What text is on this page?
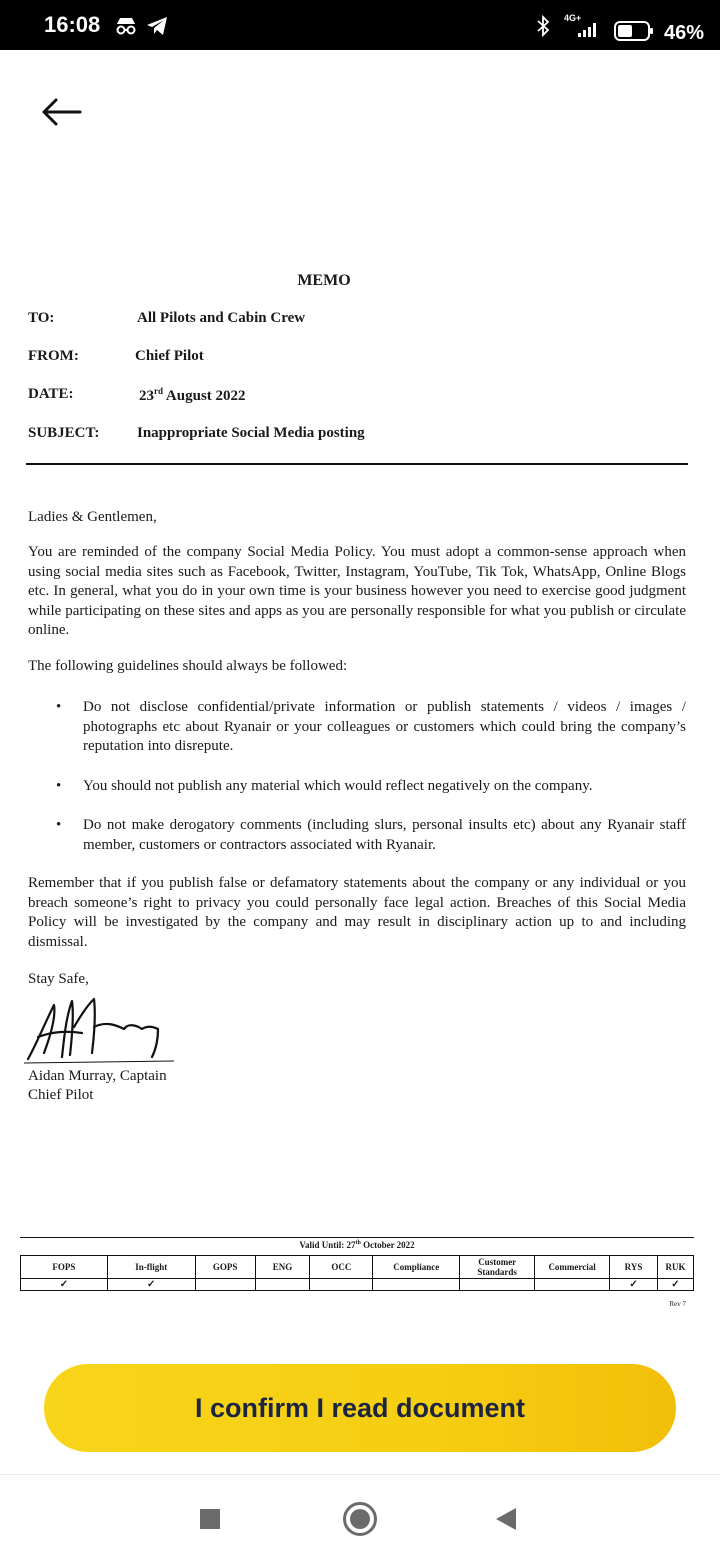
16:08	4G+
46%
MEMO
TO:	All Pilots and Cabin Crew
FROM:	Chief Pilot
DATE:	23rd August 2022
SUBJECT:	Inappropriate Social Media posting
Ladies & Gentlemen,
You are reminded of the company Social Media Policy. You must adopt a common-sense approach when using social media sites such as Facebook, Twitter, Instagram, YouTube, Tik Tok, WhatsApp, Online Blogs etc. In general, what you do in your own time is your business however you need to exercise good judgment while participating on these sites and apps as you are personally responsible for what you publish or circulate online.
The following guidelines should always be followed:
• Do not disclose confidential/private information or publish statements / videos / images / photographs etc about Ryanair or your colleagues or customers which could bring the company’s reputation into disrepute.
• You should not publish any material which would reflect negatively on the company.
• Do not make derogatory comments (including slurs, personal insults etc) about any Ryanair staff member, customers or contractors associated with Ryanair.
Remember that if you publish false or defamatory statements about the company or any individual or you breach someone’s right to privacy you could personally face legal action. Breaches of this Social Media Policy will be investigated by the company and may result in disciplinary action up to and including dismissal.
Stay Safe,
Aidan Murray, Captain
Chief Pilot
Valid Until: 27th October 2022
FOPS	In-flight	GOPS	ENG	OCC	Compliance	Customer Standards	Commercial	RYS	RUK
✓	✓							✓	✓
Rev 7
I confirm I read document
